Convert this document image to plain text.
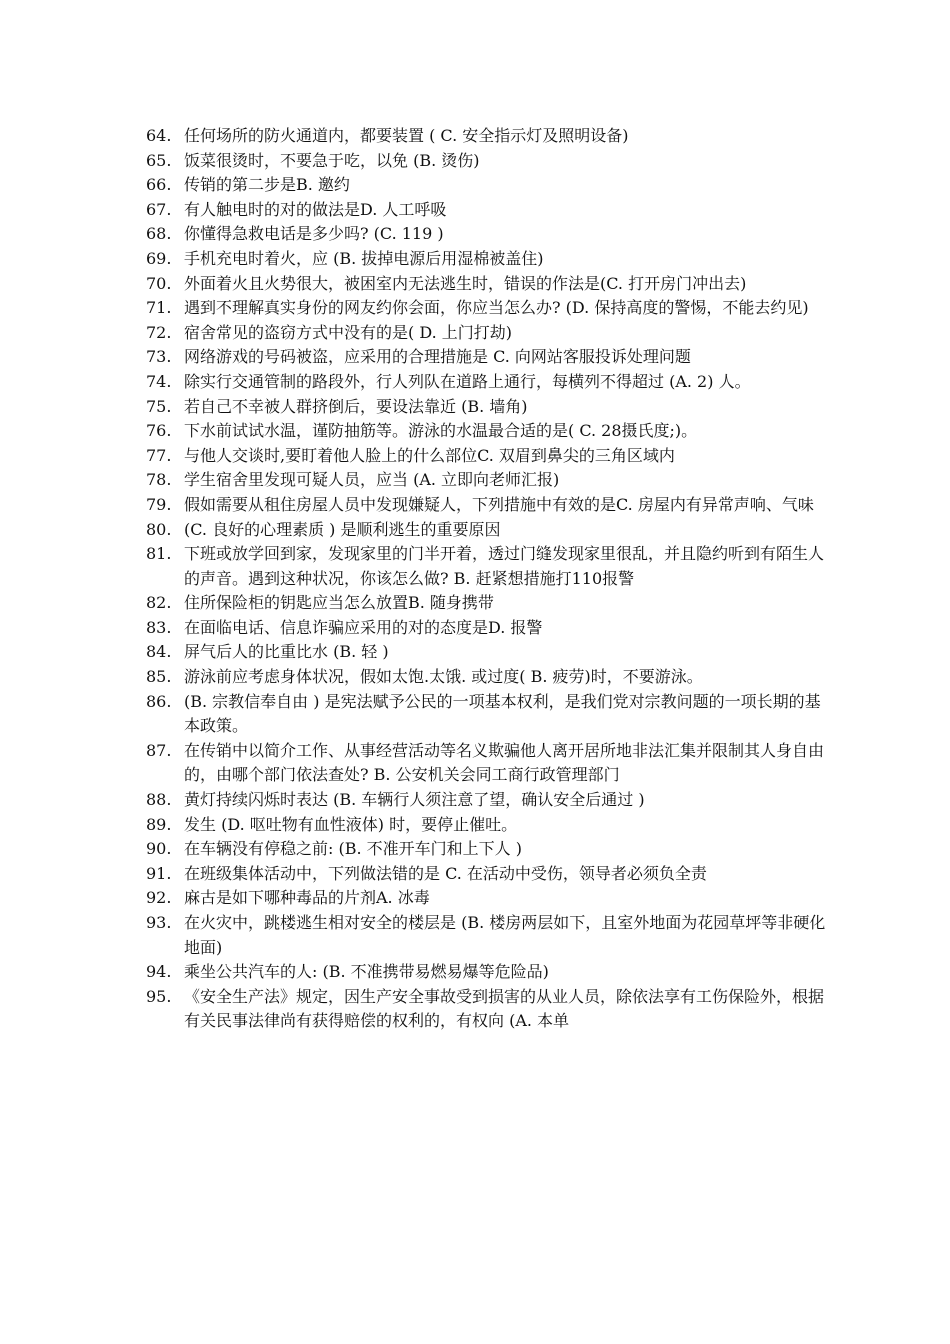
64. 任何场所的防火通道内，都要装置 ( C. 安全指示灯及照明设备)
65. 饭菜很烫时，不要急于吃，以免 (B. 烫伤)
66. 传销的第二步是B. 邀约
67. 有人触电时的对的做法是D. 人工呼吸
68. 你懂得急救电话是多少吗? (C. 119 )
69. 手机充电时着火，应 (B. 拔掉电源后用湿棉被盖住)
70. 外面着火且火势很大，被困室内无法逃生时，错误的作法是(C. 打开房门冲出去)
71. 遇到不理解真实身份的网友约你会面，你应当怎么办? (D. 保持高度的警惕，不能去约见)
72. 宿舍常见的盗窃方式中没有的是( D. 上门打劫)
73. 网络游戏的号码被盗，应采用的合理措施是 C. 向网站客服投诉处理问题
74. 除实行交通管制的路段外，行人列队在道路上通行，每横列不得超过 (A. 2) 人。
75. 若自己不幸被人群挤倒后，要设法靠近 (B. 墙角)
76. 下水前试试水温，谨防抽筋等。游泳的水温最合适的是( C. 28摄氏度;)。
77. 与他人交谈时,要盯着他人脸上的什么部位C. 双眉到鼻尖的三角区域内
78. 学生宿舍里发现可疑人员，应当 (A. 立即向老师汇报)
79. 假如需要从租住房屋人员中发现嫌疑人，下列措施中有效的是C. 房屋内有异常声响、气味
80. (C. 良好的心理素质 ) 是顺利逃生的重要原因
81. 下班或放学回到家，发现家里的门半开着，透过门缝发现家里很乱，并且隐约听到有陌生人的声音。遇到这种状况，你该怎么做? B. 赶紧想措施打110报警
82. 住所保险柜的钥匙应当怎么放置B. 随身携带
83. 在面临电话、信息诈骗应采用的对的态度是D. 报警
84. 屏气后人的比重比水 (B. 轻 )
85. 游泳前应考虑身体状况，假如太饱.太饿. 或过度( B. 疲劳)时，不要游泳。
86. (B. 宗教信奉自由 ) 是宪法赋予公民的一项基本权利，是我们党对宗教问题的一项长期的基本政策。
87. 在传销中以简介工作、从事经营活动等名义欺骗他人离开居所地非法汇集并限制其人身自由的，由哪个部门依法查处? B. 公安机关会同工商行政管理部门
88. 黄灯持续闪烁时表达 (B. 车辆行人须注意了望，确认安全后通过 )
89. 发生 (D. 呕吐物有血性液体) 时，要停止催吐。
90. 在车辆没有停稳之前: (B. 不准开车门和上下人 )
91. 在班级集体活动中，下列做法错的是 C. 在活动中受伤，领导者必须负全责
92. 麻古是如下哪种毒品的片剂A. 冰毒
93. 在火灾中，跳楼逃生相对安全的楼层是 (B. 楼房两层如下，且室外地面为花园草坪等非硬化地面)
94. 乘坐公共汽车的人: (B. 不准携带易燃易爆等危险品)
95. 《安全生产法》规定，因生产安全事故受到损害的从业人员，除依法享有工伤保险外，根据有关民事法律尚有获得赔偿的权利的，有权向 (A. 本单
